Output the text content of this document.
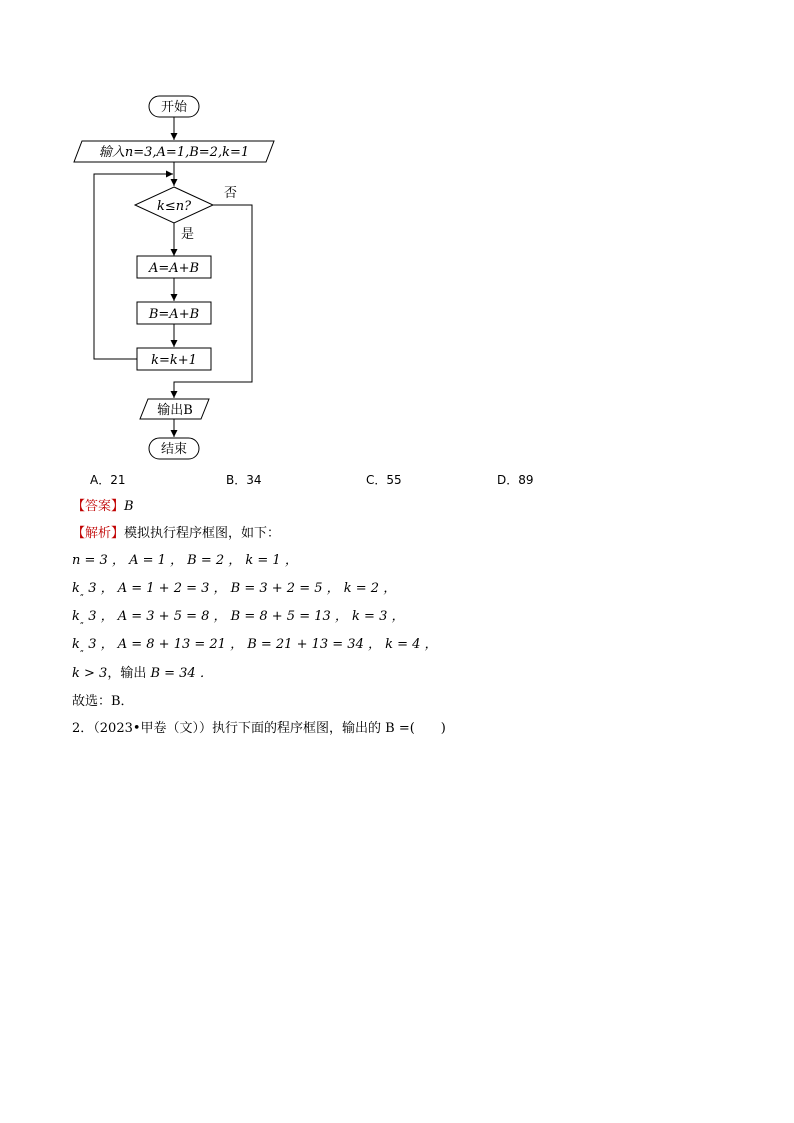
开始
输入n=3,A=1,B=2,k=1
k≤n?
否
是
A=A+B
B=A+B
k=k+1
输出B
结束
A．21	B．34	C．55	D．89
【答案】B
【解析】模拟执行程序框图，如下：
n = 3 ， A = 1 ， B = 2 ， k = 1 ，
$k_„$ 3 ， A = 1 + 2 = 3 ， B = 3 + 2 = 5 ， k = 2 ，
$k_„$ 3 ， A = 3 + 5 = 8 ， B = 8 + 5 = 13 ， k = 3 ，
$k_„$ 3 ， A = 8 + 13 = 21 ， B = 21 + 13 = 34 ， k = 4 ，
k > 3，输出 B = 34 ．
故选：B．
2．（2023•甲卷（文））执行下面的程序框图，输出的 B =(　　)
